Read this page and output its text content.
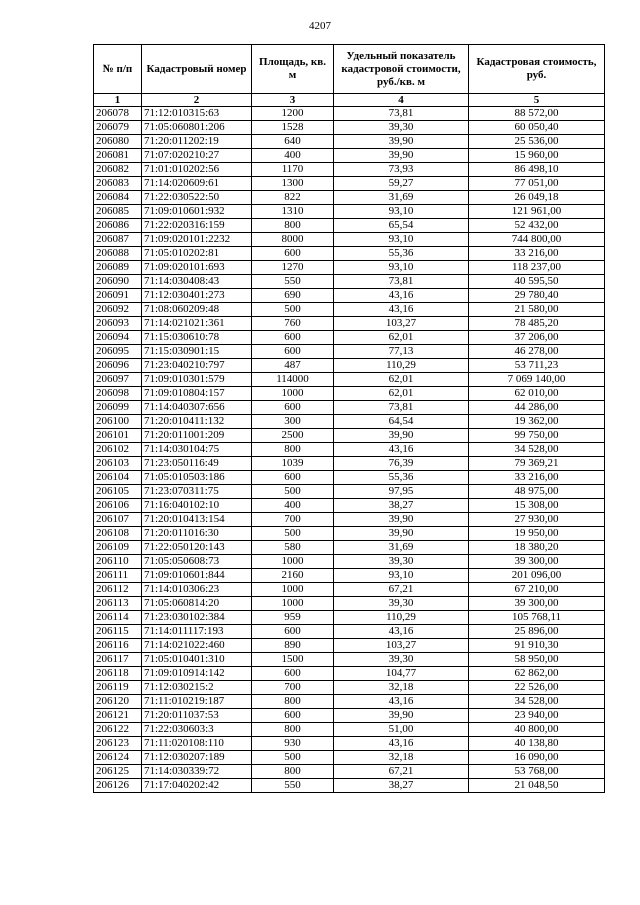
4207
№ п/п	Кадастровый номер	Площадь, кв. м	Удельный показатель кадастровой стоимости, руб./кв. м	Кадастровая стоимость, руб.
1	2	3	4	5
206078	71:12:010315:63	1200	73,81	88 572,00
206079	71:05:060801:206	1528	39,30	60 050,40
206080	71:20:011202:19	640	39,90	25 536,00
206081	71:07:020210:27	400	39,90	15 960,00
206082	71:01:010202:56	1170	73,93	86 498,10
206083	71:14:020609:61	1300	59,27	77 051,00
206084	71:22:030522:50	822	31,69	26 049,18
206085	71:09:010601:932	1310	93,10	121 961,00
206086	71:22:020316:159	800	65,54	52 432,00
206087	71:09:020101:2232	8000	93,10	744 800,00
206088	71:05:010202:81	600	55,36	33 216,00
206089	71:09:020101:693	1270	93,10	118 237,00
206090	71:14:030408:43	550	73,81	40 595,50
206091	71:12:030401:273	690	43,16	29 780,40
206092	71:08:060209:48	500	43,16	21 580,00
206093	71:14:021021:361	760	103,27	78 485,20
206094	71:15:030610:78	600	62,01	37 206,00
206095	71:15:030901:15	600	77,13	46 278,00
206096	71:23:040210:797	487	110,29	53 711,23
206097	71:09:010301:579	114000	62,01	7 069 140,00
206098	71:09:010804:157	1000	62,01	62 010,00
206099	71:14:040307:656	600	73,81	44 286,00
206100	71:20:010411:132	300	64,54	19 362,00
206101	71:20:011001:209	2500	39,90	99 750,00
206102	71:14:030104:75	800	43,16	34 528,00
206103	71:23:050116:49	1039	76,39	79 369,21
206104	71:05:010503:186	600	55,36	33 216,00
206105	71:23:070311:75	500	97,95	48 975,00
206106	71:16:040102:10	400	38,27	15 308,00
206107	71:20:010413:154	700	39,90	27 930,00
206108	71:20:011016:30	500	39,90	19 950,00
206109	71:22:050120:143	580	31,69	18 380,20
206110	71:05:050608:73	1000	39,30	39 300,00
206111	71:09:010601:844	2160	93,10	201 096,00
206112	71:14:010306:23	1000	67,21	67 210,00
206113	71:05:060814:20	1000	39,30	39 300,00
206114	71:23:030102:384	959	110,29	105 768,11
206115	71:14:011117:193	600	43,16	25 896,00
206116	71:14:021022:460	890	103,27	91 910,30
206117	71:05:010401:310	1500	39,30	58 950,00
206118	71:09:010914:142	600	104,77	62 862,00
206119	71:12:030215:2	700	32,18	22 526,00
206120	71:11:010219:187	800	43,16	34 528,00
206121	71:20:011037:53	600	39,90	23 940,00
206122	71:22:030603:3	800	51,00	40 800,00
206123	71:11:020108:110	930	43,16	40 138,80
206124	71:12:030207:189	500	32,18	16 090,00
206125	71:14:030339:72	800	67,21	53 768,00
206126	71:17:040202:42	550	38,27	21 048,50
